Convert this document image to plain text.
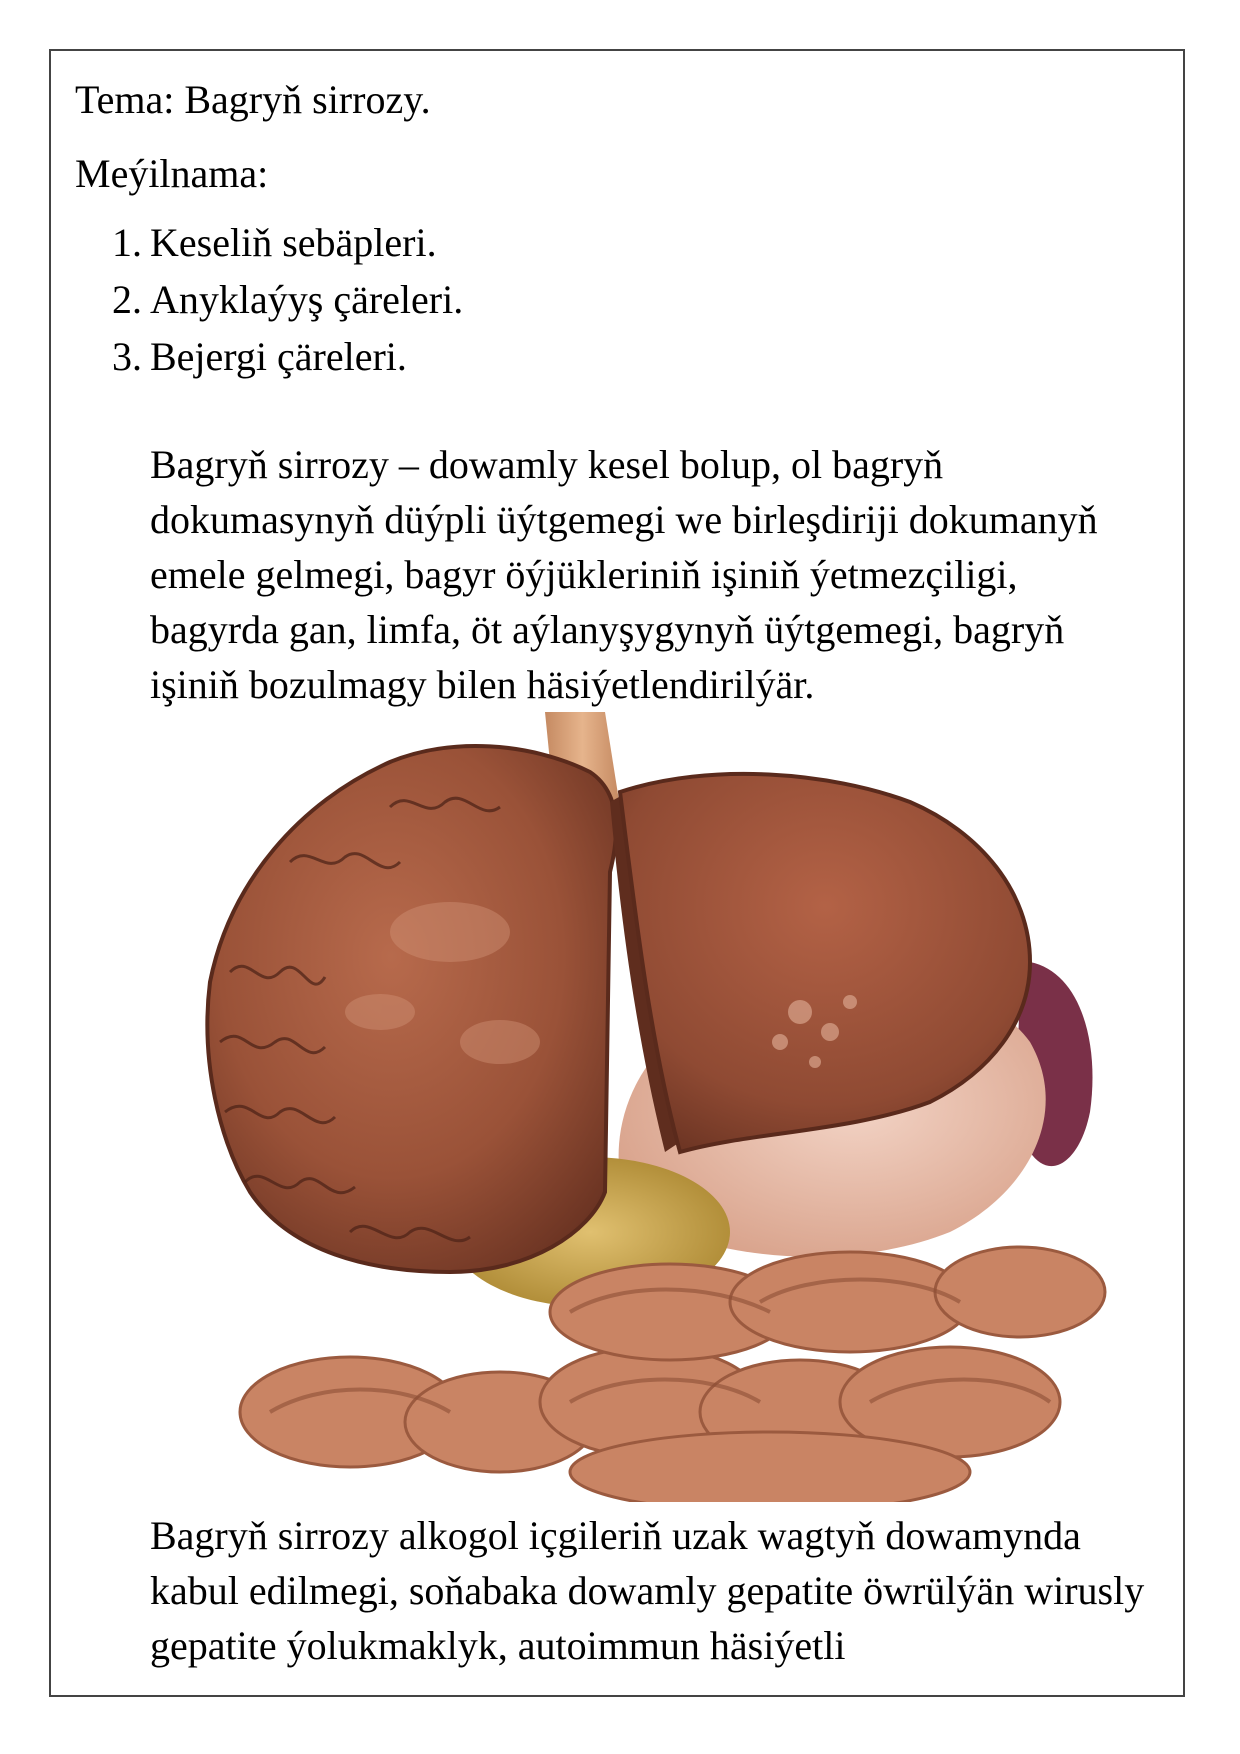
Tema: Bagryň sirrozy.
Meýilnama:
1. Keseliň sebäpleri.
2. Anyklaýyş çäreleri.
3. Bejergi çäreleri.

Bagryň sirrozy – dowamly kesel bolup, ol bagryň dokumasynyň düýpli üýtgemegi we birleşdiriji dokumanyň emele gelmegi, bagyr öýjükleriniň işiniň ýetmezçiligi, bagyrda gan, limfa, öt aýlanyşygynyň üýtgemegi, bagryň işiniň bozulmagy bilen häsiýetlendirilýär.

Bagryň sirrozy alkogol içgileriň uzak wagtyň dowamynda kabul edilmegi, soňabaka dowamly gepatite öwrülýän wirusly gepatite ýolukmaklyk, autoimmun häsiýetli
